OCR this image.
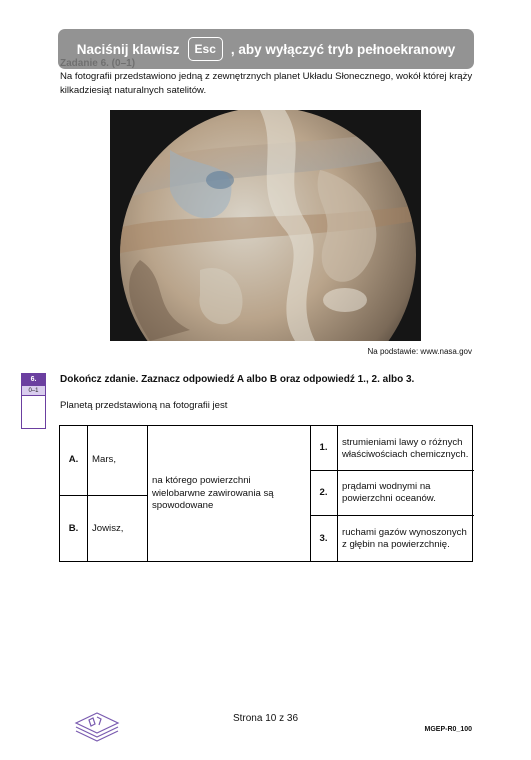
Na fotografii przedstawiono jedną z zewnętrznych planet Układu Słonecznego, wokół której krąży kilkadziesiąt naturalnych satelitów.
Na podstawie: www.nasa.gov
6.
0–1
Dokończ zdanie. Zaznacz odpowiedź A albo B oraz odpowiedź 1., 2. albo 3.
Planetą przedstawioną na fotografii jest
A. Mars,
B. Jowisz,
na którego powierzchni wielobarwne zawirowania są spowodowane
1. strumieniami lawy o różnych właściwościach chemicznych.
2.
prądami wodnymi na powierzchni oceanów.
3.
ruchami gazów wynoszonych z głębin na powierzchnię.
Naciśnij klawisz	Esc	, aby wyłączyć tryb pełnoekranowy
Strona 10 z 36
MGEP-R0_100
